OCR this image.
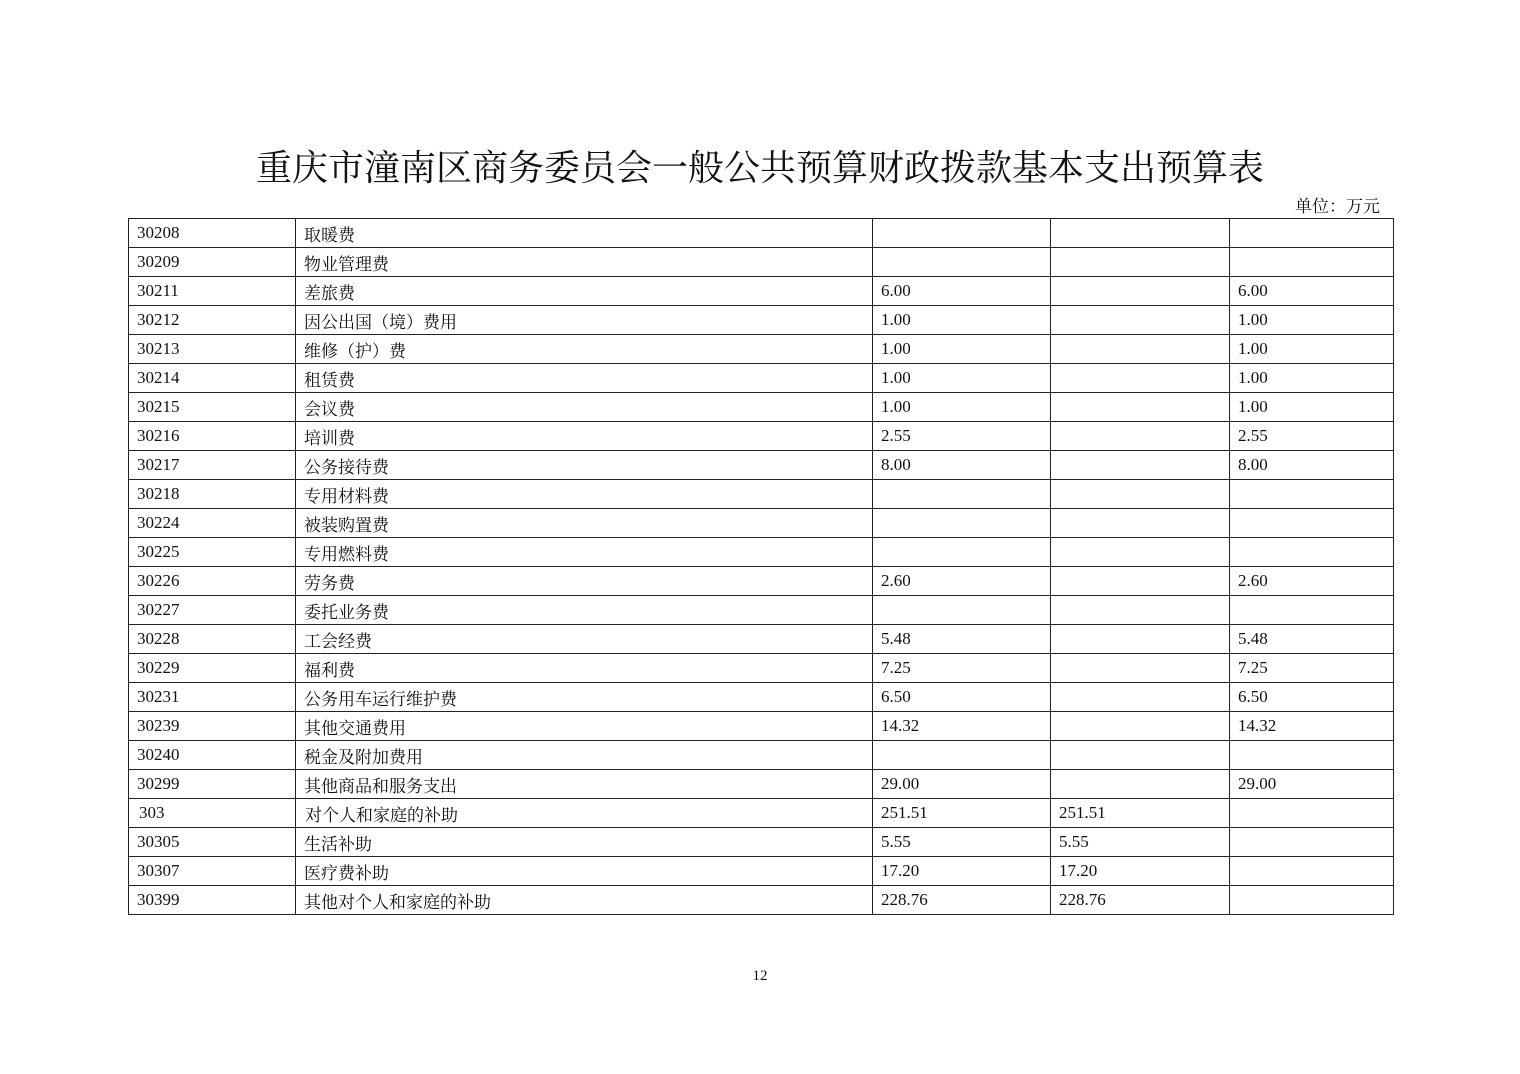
重庆市潼南区商务委员会一般公共预算财政拨款基本支出预算表
单位：万元
30208	取暖费			
30209	物业管理费			
30211	差旅费	6.00		6.00
30212	因公出国（境）费用	1.00		1.00
30213	维修（护）费	1.00		1.00
30214	租赁费	1.00		1.00
30215	会议费	1.00		1.00
30216	培训费	2.55		2.55
30217	公务接待费	8.00		8.00
30218	专用材料费			
30224	被装购置费			
30225	专用燃料费			
30226	劳务费	2.60		2.60
30227	委托业务费			
30228	工会经费	5.48		5.48
30229	福利费	7.25		7.25
30231	公务用车运行维护费	6.50		6.50
30239	其他交通费用	14.32		14.32
30240	税金及附加费用			
30299	其他商品和服务支出	29.00		29.00
303	对个人和家庭的补助	251.51	251.51	
30305	生活补助	5.55	5.55	
30307	医疗费补助	17.20	17.20	
30399	其他对个人和家庭的补助	228.76	228.76	
12
